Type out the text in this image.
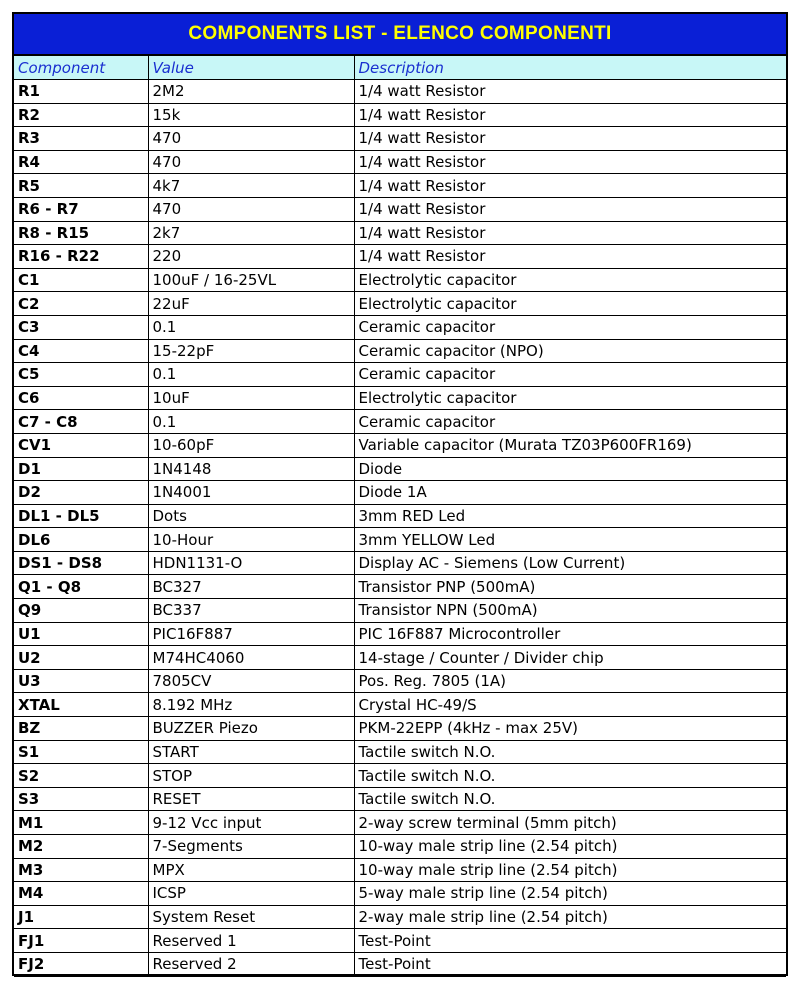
COMPONENTS LIST - ELENCO COMPONENTI
Component	Value	Description
R1	2M2	1/4 watt Resistor
R2	15k	1/4 watt Resistor
R3	470	1/4 watt Resistor
R4	470	1/4 watt Resistor
R5	4k7	1/4 watt Resistor
R6 - R7	470	1/4 watt Resistor
R8 - R15	2k7	1/4 watt Resistor
R16 - R22	220	1/4 watt Resistor
C1	100uF / 16-25VL	Electrolytic capacitor
C2	22uF	Electrolytic capacitor
C3	0.1	Ceramic capacitor
C4	15-22pF	Ceramic capacitor (NPO)
C5	0.1	Ceramic capacitor
C6	10uF	Electrolytic capacitor
C7 - C8	0.1	Ceramic capacitor
CV1	10-60pF	Variable capacitor (Murata TZ03P600FR169)
D1	1N4148	Diode
D2	1N4001	Diode 1A
DL1 - DL5	Dots	3mm RED Led
DL6	10-Hour	3mm YELLOW Led
DS1 - DS8	HDN1131-O	Display AC - Siemens (Low Current)
Q1 - Q8	BC327	Transistor PNP (500mA)
Q9	BC337	Transistor NPN (500mA)
U1	PIC16F887	PIC 16F887 Microcontroller
U2	M74HC4060	14-stage / Counter / Divider chip
U3	7805CV	Pos. Reg. 7805 (1A)
XTAL	8.192 MHz	Crystal HC-49/S
BZ	BUZZER Piezo	PKM-22EPP (4kHz - max 25V)
S1	START	Tactile switch N.O.
S2	STOP	Tactile switch N.O.
S3	RESET	Tactile switch N.O.
M1	9-12 Vcc input	2-way screw terminal (5mm pitch)
M2	7-Segments	10-way male strip line (2.54 pitch)
M3	MPX	10-way male strip line (2.54 pitch)
M4	ICSP	5-way male strip line (2.54 pitch)
J1	System Reset	2-way male strip line (2.54 pitch)
FJ1	Reserved 1	Test-Point
FJ2	Reserved 2	Test-Point
